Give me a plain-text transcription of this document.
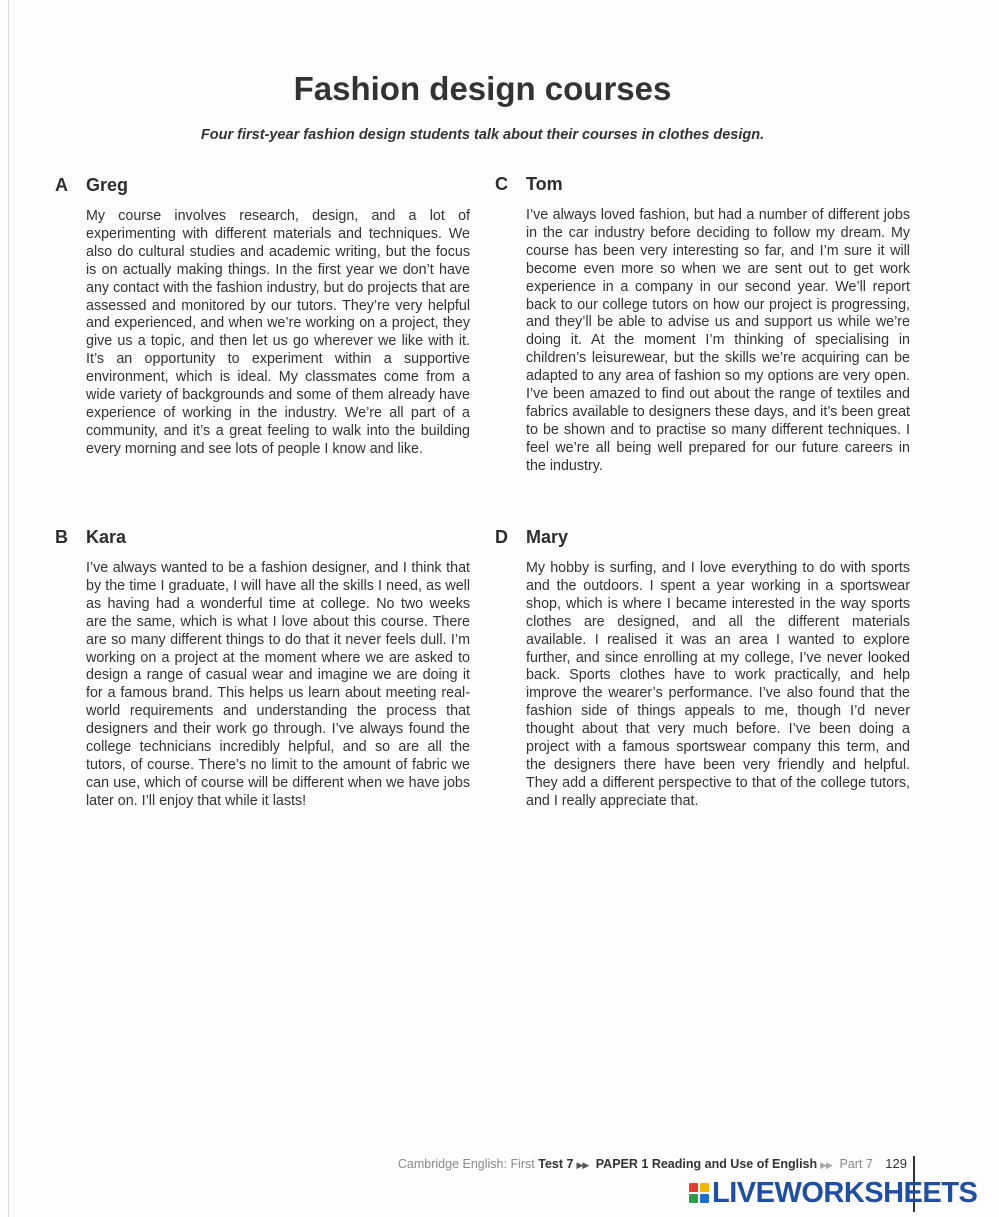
Fashion design courses
Four first-year fashion design students talk about their courses in clothes design.
A Greg
My course involves research, design, and a lot of experimenting with different materials and techniques. We also do cultural studies and academic writing, but the focus is on actually making things. In the first year we don’t have any contact with the fashion industry, but do projects that are assessed and monitored by our tutors. They’re very helpful and experienced, and when we’re working on a project, they give us a topic, and then let us go wherever we like with it. It’s an opportunity to experiment within a supportive environment, which is ideal. My classmates come from a wide variety of backgrounds and some of them already have experience of working in the industry. We’re all part of a community, and it’s a great feeling to walk into the building every morning and see lots of people I know and like.
B Kara
I’ve always wanted to be a fashion designer, and I think that by the time I graduate, I will have all the skills I need, as well as having had a wonderful time at college. No two weeks are the same, which is what I love about this course. There are so many different things to do that it never feels dull. I’m working on a project at the moment where we are asked to design a range of casual wear and imagine we are doing it for a famous brand. This helps us learn about meeting real-world requirements and understanding the process that designers and their work go through. I’ve always found the college technicians incredibly helpful, and so are all the tutors, of course. There’s no limit to the amount of fabric we can use, which of course will be different when we have jobs later on. I’ll enjoy that while it lasts!
C Tom
I’ve always loved fashion, but had a number of different jobs in the car industry before deciding to follow my dream. My course has been very interesting so far, and I’m sure it will become even more so when we are sent out to get work experience in a company in our second year. We’ll report back to our college tutors on how our project is progressing, and they’ll be able to advise us and support us while we’re doing it. At the moment I’m thinking of specialising in children’s leisurewear, but the skills we’re acquiring can be adapted to any area of fashion so my options are very open. I’ve been amazed to find out about the range of textiles and fabrics available to designers these days, and it’s been great to be shown and to practise so many different techniques. I feel we’re all being well prepared for our future careers in the industry.
D Mary
My hobby is surfing, and I love everything to do with sports and the outdoors. I spent a year working in a sportswear shop, which is where I became interested in the way sports clothes are designed, and all the different materials available. I realised it was an area I wanted to explore further, and since enrolling at my college, I’ve never looked back. Sports clothes have to work practically, and help improve the wearer’s performance. I’ve also found that the fashion side of things appeals to me, though I’d never thought about that very much before. I’ve been doing a project with a famous sportswear company this term, and the designers there have been very friendly and helpful. They add a different perspective to that of the college tutors, and I really appreciate that.
Cambridge English: First Test 7 ▶▶ PAPER 1 Reading and Use of English ▶▶ Part 7 129
LIVEWORKSHEETS
